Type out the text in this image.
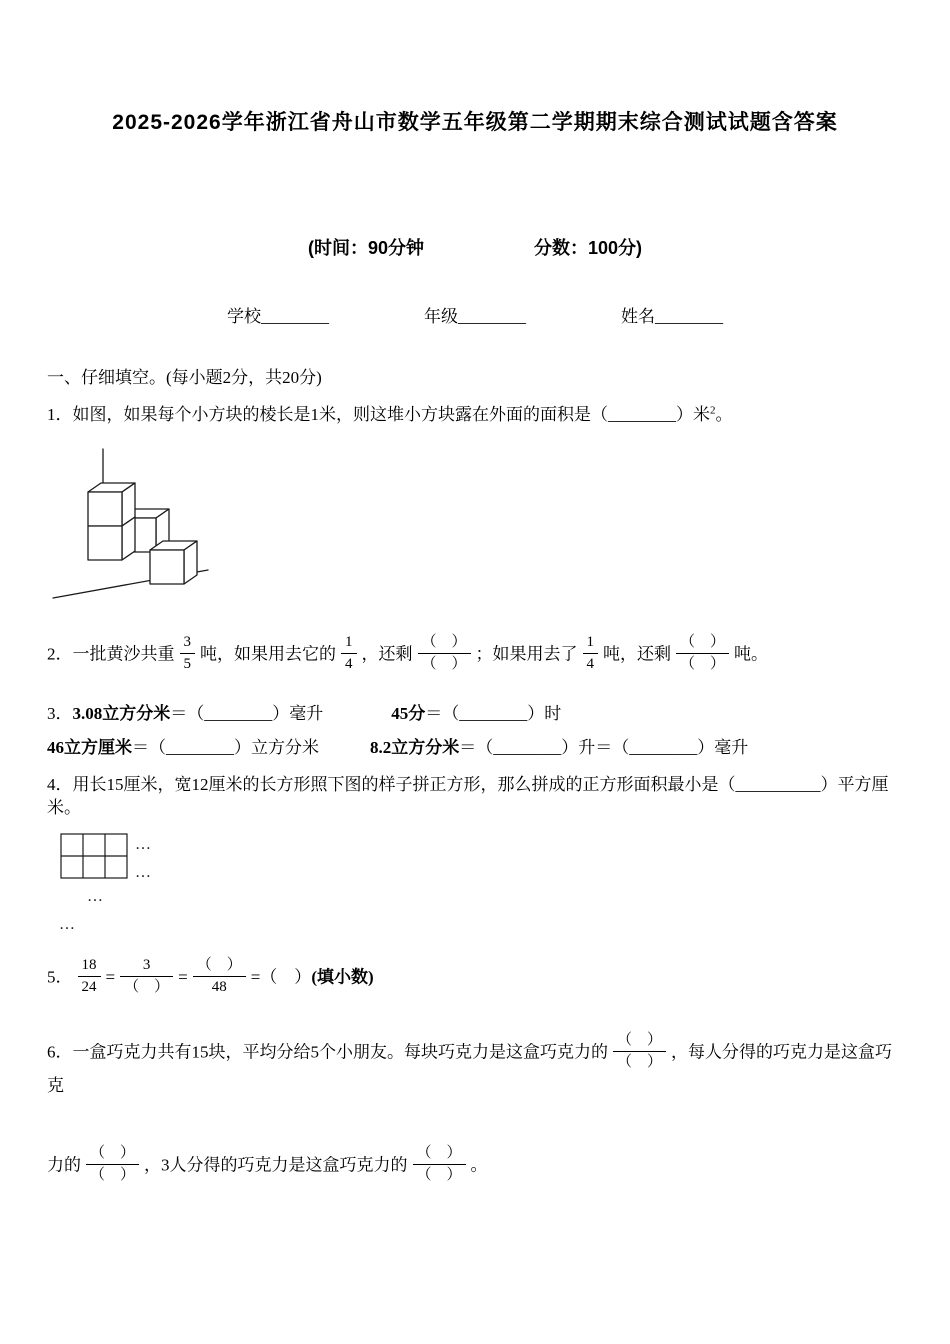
2025-2026学年浙江省舟山市数学五年级第二学期期末综合测试试题含答案
(时间：90分钟	分数：100分)
学校________	年级________	姓名________
一、仔细填空。(每小题2分，共20分)

1．如图，如果每个小方块的棱长是1米，则这堆小方块露在外面的面积是（________）米$^2$。

2．一批黄沙共重 $\frac{3}{5}$ 吨，如果用去它的 $\frac{1}{4}$ ，还剩 $\frac{( )}{( )}$ ；如果用去了 $\frac{1}{4}$ 吨，还剩 $\frac{( )}{( )}$ 吨。

3．3.08立方分米＝（________）毫升　　　　	45分＝（________）时

46立方厘米＝（________）立方分米　　　	8.2立方分米＝（________）升＝（________）毫升

4．用长15厘米，宽12厘米的长方形照下图的样子拼正方形，那么拼成的正方形面积最小是（__________）平方厘

米。

…
…
…
…

5． $\frac{18}{24} = \frac{3}{( )} = \frac{( )}{48}$ =（　）(填小数)

6．一盒巧克力共有15块，平均分给5个小朋友。每块巧克力是这盒巧克力的 $\frac{( )}{( )}$ ，每人分得的巧克力是这盒巧克

力的 $\frac{( )}{( )}$ ，3人分得的巧克力是这盒巧克力的 $\frac{( )}{( )}$ 。
